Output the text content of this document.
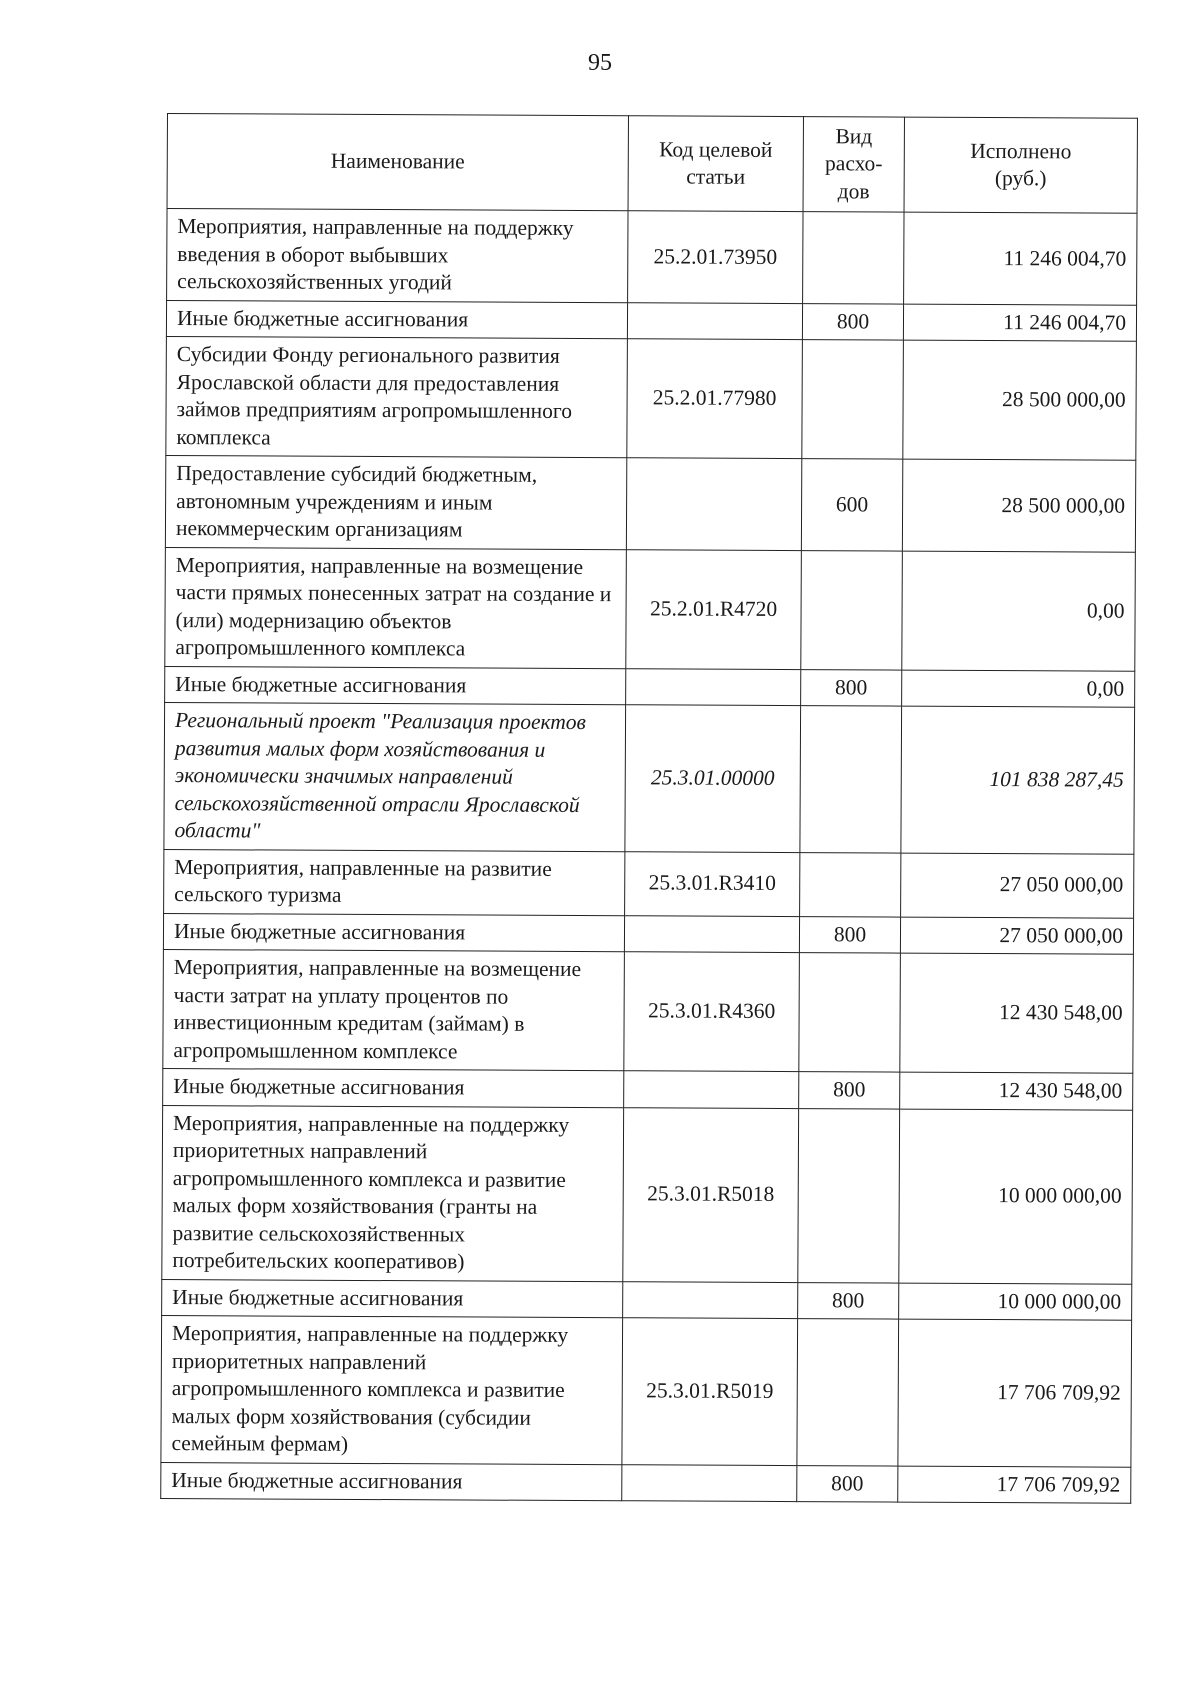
95
Наименование	Код целевой статьи	Вид расхо-дов	Исполнено (руб.)
Мероприятия, направленные на поддержку введения в оборот выбывших сельскохозяйственных угодий	25.2.01.73950		11 246 004,70
Иные бюджетные ассигнования		800	11 246 004,70
Субсидии Фонду регионального развития Ярославской области для предоставления займов предприятиям агропромышленного комплекса	25.2.01.77980		28 500 000,00
Предоставление субсидий бюджетным, автономным учреждениям и иным некоммерческим организациям		600	28 500 000,00
Мероприятия, направленные на возмещение части прямых понесенных затрат на создание и (или) модернизацию объектов агропромышленного комплекса	25.2.01.R4720		0,00
Иные бюджетные ассигнования		800	0,00
Региональный проект "Реализация проектов развития малых форм хозяйствования и экономически значимых направлений сельскохозяйственной отрасли Ярославской области"	25.3.01.00000		101 838 287,45
Мероприятия, направленные на развитие сельского туризма	25.3.01.R3410		27 050 000,00
Иные бюджетные ассигнования		800	27 050 000,00
Мероприятия, направленные на возмещение части затрат на уплату процентов по инвестиционным кредитам (займам) в агропромышленном комплексе	25.3.01.R4360		12 430 548,00
Иные бюджетные ассигнования		800	12 430 548,00
Мероприятия, направленные на поддержку приоритетных направлений агропромышленного комплекса и развитие малых форм хозяйствования (гранты на развитие сельскохозяйственных потребительских кооперативов)	25.3.01.R5018		10 000 000,00
Иные бюджетные ассигнования		800	10 000 000,00
Мероприятия, направленные на поддержку приоритетных направлений агропромышленного комплекса и развитие малых форм хозяйствования (субсидии семейным фермам)	25.3.01.R5019		17 706 709,92
Иные бюджетные ассигнования		800	17 706 709,92
